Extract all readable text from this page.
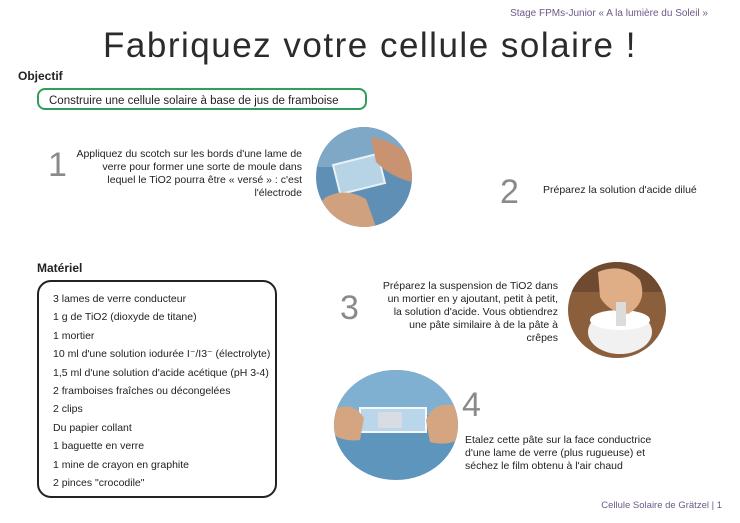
Stage FPMs-Junior « A la lumière du Soleil »
Fabriquez votre cellule solaire !
Objectif
Construire une cellule solaire à base de jus de framboise
1 Appliquez du scotch sur les bords d'une lame de verre pour former une sorte de moule dans lequel le TiO2 pourra être « versé » : c'est l'électrode	2 Préparez la solution d'acide dilué
Matériel
3 lames de verre conducteur
1 g de TiO2 (dioxyde de titane)
1 mortier
10 ml d'une solution iodurée I⁻/I3⁻ (électrolyte)
1,5 ml d'une solution d'acide acétique (pH 3-4)
2 framboises fraîches ou décongelées
2 clips
Du papier collant
1 baguette en verre
1 mine de crayon en graphite
2 pinces "crocodile"
3
Préparez la suspension de TiO2 dans un mortier en y ajoutant, petit à petit, la solution d'acide. Vous obtiendrez une pâte similaire à de la pâte à crêpes
4
Etalez cette pâte sur la face conductrice d'une lame de verre (plus rugueuse) et séchez le film obtenu à l'air chaud
Cellule Solaire de Grätzel | 1
